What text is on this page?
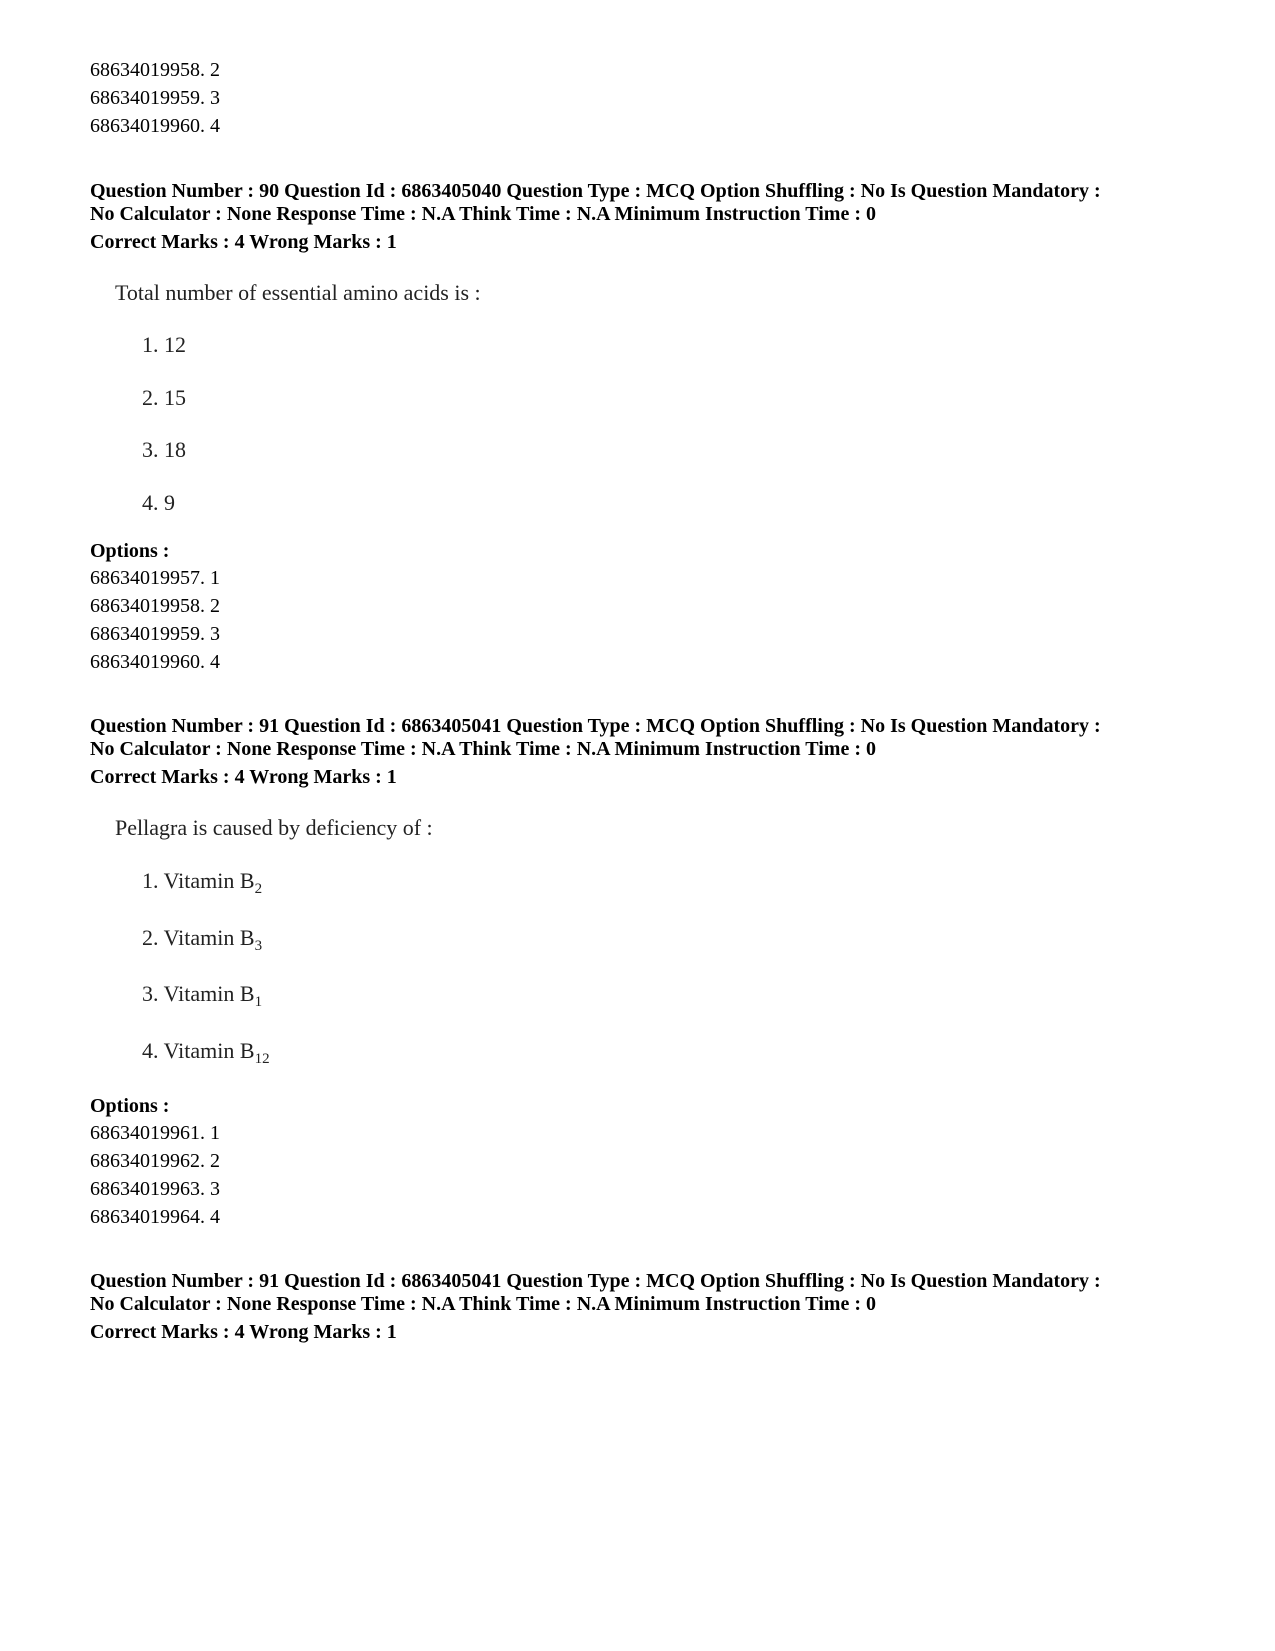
68634019958. 2
68634019959. 3
68634019960. 4
Question Number : 90 Question Id : 6863405040 Question Type : MCQ Option Shuffling : No Is Question Mandatory :
No Calculator : None Response Time : N.A Think Time : N.A Minimum Instruction Time : 0
Correct Marks : 4 Wrong Marks : 1
Total number of essential amino acids is :
1. 12
2. 15
3. 18
4. 9
Options :
68634019957. 1
68634019958. 2
68634019959. 3
68634019960. 4
Question Number : 91 Question Id : 6863405041 Question Type : MCQ Option Shuffling : No Is Question Mandatory :
No Calculator : None Response Time : N.A Think Time : N.A Minimum Instruction Time : 0
Correct Marks : 4 Wrong Marks : 1
Pellagra is caused by deficiency of :
1. Vitamin $B_2$
2. Vitamin $B_3$
3. Vitamin $B_1$
4. Vitamin $B_{12}$
Options :
68634019961. 1
68634019962. 2
68634019963. 3
68634019964. 4
Question Number : 91 Question Id : 6863405041 Question Type : MCQ Option Shuffling : No Is Question Mandatory :
No Calculator : None Response Time : N.A Think Time : N.A Minimum Instruction Time : 0
Correct Marks : 4 Wrong Marks : 1
